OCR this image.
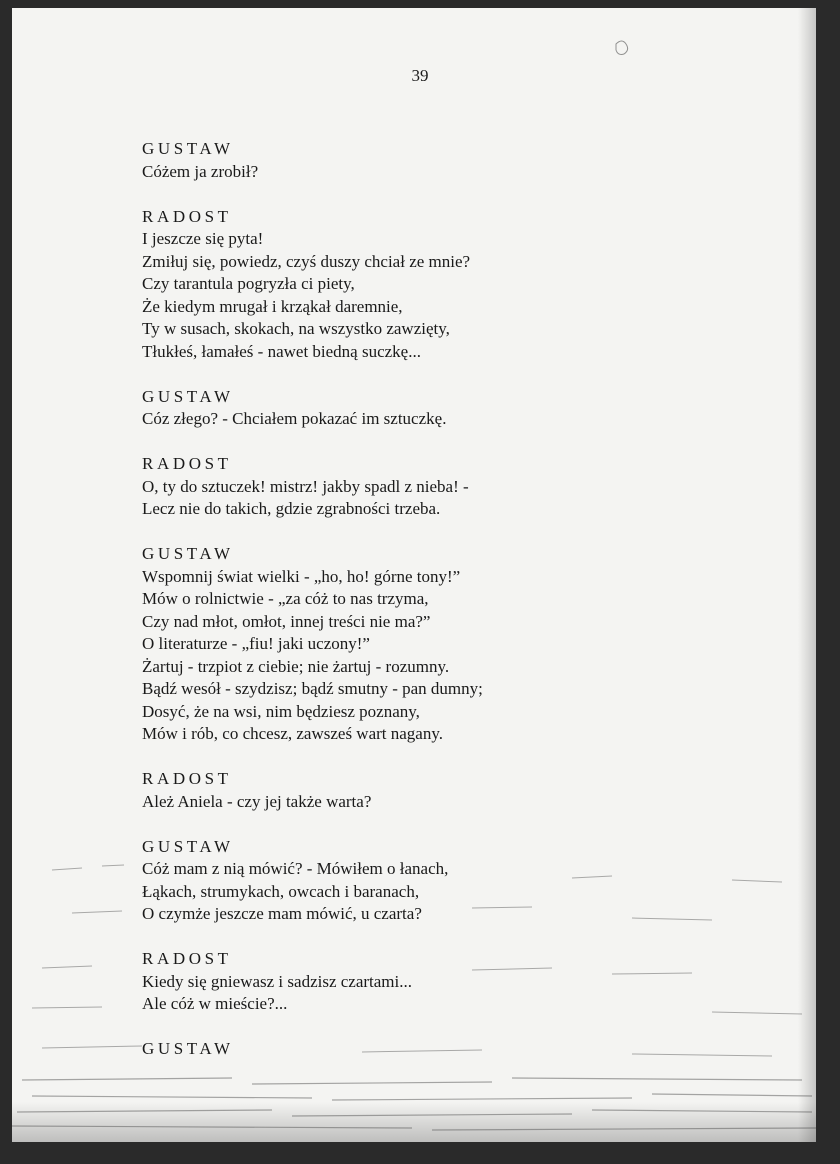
39
GUSTAW
Cóżem ja zrobił?
RADOST
I jeszcze się pyta!
Zmiłuj się, powiedz, czyś duszy chciał ze mnie?
Czy tarantula pogryzła ci piety,
Że kiedym mrugał i krząkał daremnie,
Ty w susach, skokach, na wszystko zawzięty,
Tłukłeś, łamałeś - nawet biedną suczkę...
GUSTAW
Cóz złego? - Chciałem pokazać im sztuczkę.
RADOST
O, ty do sztuczek! mistrz! jakby spadl z nieba! -
Lecz nie do takich, gdzie zgrabności trzeba.
GUSTAW
Wspomnij świat wielki - „ho, ho! górne tony!”
Mów o rolnictwie - „za cóż to nas trzyma,
Czy nad młot, omłot, innej treści nie ma?”
O literaturze - „fiu! jaki uczony!”
Żartuj - trzpiot z ciebie; nie żartuj - rozumny.
Bądź wesół - szydzisz; bądź smutny - pan dumny;
Dosyć, że na wsi, nim będziesz poznany,
Mów i rób, co chcesz, zawsześ wart nagany.
RADOST
Ależ Aniela - czy jej także warta?
GUSTAW
Cóż mam z nią mówić? - Mówiłem o łanach,
Łąkach, strumykach, owcach i baranach,
O czymże jeszcze mam mówić, u czarta?
RADOST
Kiedy się gniewasz i sadzisz czartami...
Ale cóż w mieście?...
GUSTAW
